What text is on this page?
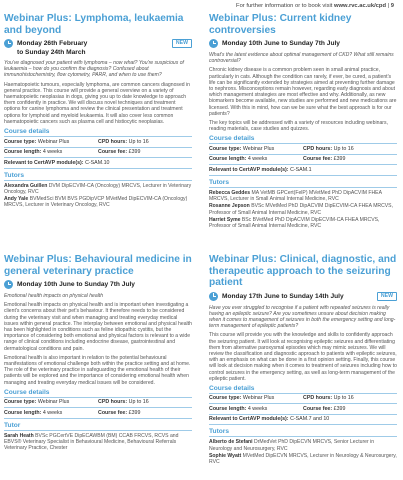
For further information or to book visit www.rvc.ac.uk/cpd | 9
Webinar Plus: Lymphoma, leukaemia and beyond
Monday 26th February	NEW
to Sunday 24th March

You've diagnosed your patient with lymphoma – now what? You're suspicious of leukaemia – how do you confirm the diagnosis? Confused about immunohistochemistry, flow cytometry, PARR, and when to use them?

Haematopoietic tumours, especially lymphoma, are common cancers diagnosed in general practice. This course will provide a general overview on a variety of haematopoietic neoplasias in dogs, giving you up to date knowledge to approach them confidently in practice. We will discuss novel techniques and treatment options for canine lymphoma and review the clinical presentation and treatment options for lymphoid and myeloid leukaemia. It will also cover less common haematopoietic cancers such as plasma cell and histiocytic neoplasias.

Course details
Course type: Webinar Plus	CPD hours: Up to 16
Course length: 4 weeks	Course fee: £399
Relevant to CertAVP module(s): C-SAM.10
Tutors

Alexandra Guillen DVM DipECVIM-CA (Oncology) MRCVS, Lecturer in Veterinary Oncology, RVC

Andy Yale BVMedSci BVM BVS PGDipVCP MVetMed DipECVIM-CA (Oncology) MRCVS, Lecturer in Veterinary Oncology, RVC

Webinar Plus: Current kidney controversies
Monday 10th June to Sunday 7th July

What's the latest evidence about optimal management of CKD? What still remains controversial?

Chronic kidney disease is a common problem seen in small animal practice, particularly in cats. Although the condition can rarely, if ever, be cured, a patient's life can be significantly extended by strategies aimed at preventing further damage to nephrons. Misconceptions remain however, regarding early diagnosis and about which management strategies are most effective and why. Additionally, as new biomarkers become available, new studies are performed and new medications are licensed. With this in mind, how can we be sure what the best approach is for our patients?

The key topics will be addressed with a variety of resources including webinars, reading materials, case studies and quizzes.

Course details
Course type: Webinar Plus	CPD hours: Up to 16
Course length: 4 weeks	Course fee: £399
Relevant to CertAVP module(s): C-SAM.1
Tutors

Rebecca Geddes MA VetMB GPCert(FelP) MVetMed PhD DipACVIM FHEA MRCVS, Lecturer in Small Animal Internal Medicine, RVC

Rosanne Jepson BVSc MVetMed PhD DipACVIM DipECVIM-CA FHEA MRCVS, Professor of Small Animal Internal Medicine, RVC

Harriet Syme BSc BVetMed PhD DipACVIM DipECVIM-CA FHEA MRCVS, Professor of Small Animal Internal Medicine, RVC

Webinar Plus: Behavioural medicine in general veterinary practice
Monday 10th June to Sunday 7th July

Emotional health impacts on physical health

Emotional health impacts on physical health and is important when investigating a client's concerns about their pet's behaviour. It therefore needs to be considered during the veterinary visit and when managing and treating everyday medical issues within general practice. The interplay between emotional and physical health has been highlighted in conditions such as feline idiopathic cystitis, but the importance of considering both emotional and physical factors is relevant to a wide range of clinical conditions including endocrine disease, gastrointestinal and dermatological conditions and pain.

Emotional health is also important in relation to the potential behavioural manifestations of emotional challenge both within the practice setting and at home. The role of the veterinary practice in safeguarding the emotional health of their patients will be explored and the importance of considering emotional health when managing and treating everyday medical issues will be considered.

Course details
Course type: Webinar Plus	CPD hours: Up to 16
Course length: 4 weeks	Course fee: £399
Tutor

Sarah Heath BVSc PGCertVE DipECAWBM (BM) CCAB FRCVS, RCVS and EBVS® Veterinary Specialist in Behavioural Medicine, Behavioural Referrals Veterinary Practice, Chester

Webinar Plus: Clinical, diagnostic, and therapeutic approach to the seizuring patient
Monday 17th June to Sunday 14th July	NEW

Have you ever struggled to recognise if a patient with repeated seizures is really having an epileptic seizure? Are you sometimes unsure about decision making when it comes to management of seizures in both the emergency setting and long-term management of epileptic patients?

This course will provide you with the knowledge and skills to confidently approach the seizuring patient. It will look at recognising epileptic seizures and differentiating them from alternative paroxysmal episodes which may mimic seizures. We will review the classification and diagnostic approach to patients with epileptic seizures, with an emphasis on what can be done in a first opinion setting. Finally, this course will look at decision making when it comes to treatment of seizures including how to control seizures in the emergency setting, as well as long-term management of the epileptic patient.

Course details
Course type: Webinar Plus	CPD hours: Up to 16
Course length: 4 weeks	Course fee: £399
Relevant to CertAVP module(s): C-SAM.7 and 10
Tutors

Alberto de Stefani DrMedVet PhD DipECVN MRCVS, Senior Lecturer in Neurology and Neurosurgery, RVC

Sophie Wyatt MVetMed DipECVN MRCVS, Lecturer in Neurology & Neurosurgery, RVC
